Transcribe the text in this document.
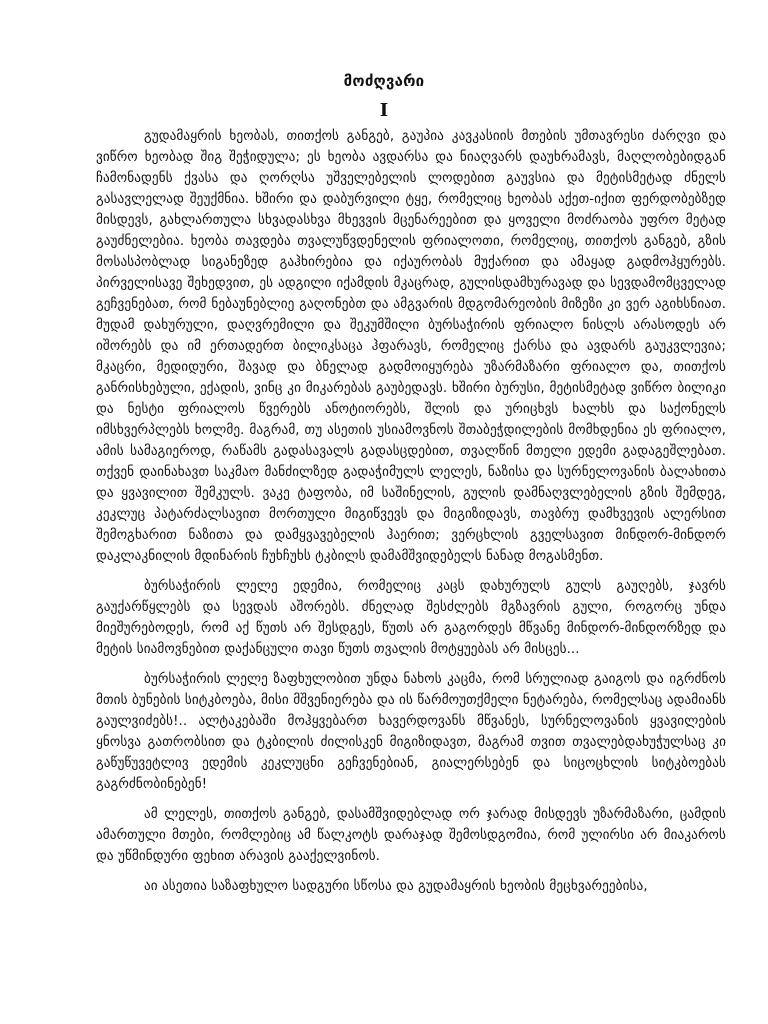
მოძღვარი
I

გუდამაყრის ხეობას, თითქოს განგებ, გაუპია კავკასიის მთების უმთავრესი ძარღვი და ვიწრო ხეობად შიგ შეჭიდულა; ეს ხეობა ავდარსა და ნიაღვარს დაუხრამავს, მაღლობებიდგან ჩამონადენს ქვასა და ღორღსა უშველებელის ლოდებით გაუვსია და მეტისმეტად ძნელს გასავლელად შეუქმნია. ხშირი და დაბურვილი ტყე, რომელიც ხეობას აქეთ-იქით ფერდობებზედ მისდევს, გახლართულა სხვადასხვა მხევვის მცენარეებით და ყოველი მოძრაობა უფრო მეტად გაუძნელებია. ხეობა თავდება თვალუწვდენელის ფრიალოთი, რომელიც, თითქოს განგებ, გზის მოსასპობლად სიგანეზედ გაჰხირებია და იქაურობას მუქარით და ამაყად გადმოჰყურებს. პირველისავე შეხედვით, ეს ადგილი იქამდის მკაცრად, გულისდამხურავად და სევდამომცველად გეჩვენებათ, რომ ნებაუნებლიე გაღონებთ და ამგვარის მდგომარეობის მიზეზი კი ვერ აგიხსნიათ. მუდამ დახურული, დაღვრემილი და შეკუმშილი ბურსაჭირის ფრიალო ნისლს არასოდეს არ იშორებს და იმ ერთადერთ ბილიკსაცა ჰფარავს, რომელიც ქარსა და ავდარს გაუკვლევია; მკაცრი, მედიდური, შავად და ბნელად გადმოიყურება უზარმაზარი ფრიალო და, თითქოს განრისხებული, ექადის, ვინც კი მიკარებას გაუბედავს. ხშირი ბურუსი, მეტისმეტად ვიწრო ბილიკი და ნესტი ფრიალოს წვერებს ანოტიორებს, შლის და ურიცხვს ხალხს და საქონელს იმსხვერპლებს ხოლმე. მაგრამ, თუ ასეთის უსიამოვნოს შთაბეჭდილების მომხდენია ეს ფრიალო, ამის სამაგიეროდ, რაწამს გადასავალს გადასცდებით, თვალწინ მთელი ედემი გადაგეშლებათ. თქვენ დაინახავთ საკმაო მანძილზედ გადაჭიმულს ლელეს, ნაზისა და სურნელოვანის ბალახითა და ყვავილით შემკულს. ვაკე ტაფობა, იმ საშინელის, გულის დამნაღვლებელის გზის შემდეგ, კეკლუც პატარძალსავით მორთული მიგიწვევს და მიგიზიდავს, თავბრუ დამხვევის ალერსით შემოგხარით ნაზითა და დამყვავებელის ჰაერით; ვერცხლის გველსავით მინდორ-მინდორ დაკლაკნილის მდინარის ჩუხჩუხს ტკბილს დამამშვიდებელს ნანად მოგასმენთ.

ბურსაჭირის ლელე ედემია, რომელიც კაცს დახურულს გულს გაუღებს, ჯავრს გაუქარწყლებს და სევდას აშორებს. ძნელად შესძლებს მგზავრის გული, როგორც უნდა მიეშურებოდეს, რომ აქ წუთს არ შესდგეს, წუთს არ გაგორდეს მწვანე მინდორ-მინდორზედ და მეტის სიამოვნებით დაქანცული თავი წუთს თვალის მოტყუებას არ მისცეს...

ბურსაჭირის ლელე ზაფხულობით უნდა ნახოს კაცმა, რომ სრულიად გაიგოს და იგრძნოს მთის ბუნების სიტკბოება, მისი მშვენიერება და ის წარმოუთქმელი ნეტარება, რომელსაც ადამიანს გაულვიძებს!.. ალტაკებაში მოჰყვებართ ხავერდოვანს მწვანეს, სურნელოვანის ყვავილების ყნოსვა გათრობსით და ტკბილის ძილისკენ მიგიზიდავთ, მაგრამ თვით თვალებდახუჭულსაც კი გაწუწუვეტლივ ედემის კეკლუცნი გეჩვენებიან, გიალერსებენ და სიცოცხლის სიტკბოებას გაგრძნობინებენ!

ამ ლელეს, თითქოს განგებ, დასამშვიდებლად ორ ჯარად მისდევს უზარმაზარი, ცამდის ამართული მთები, რომლებიც ამ წალკოტს დარაჯად შემოსდგომია, რომ ულირსი არ მიაკაროს და უწმინდური ფეხით არავის გააქელვინოს.

აი ასეთია საზაფხულო სადგური სწოსა და გუდამაყრის ხეობის მეცხვარეებისა,
